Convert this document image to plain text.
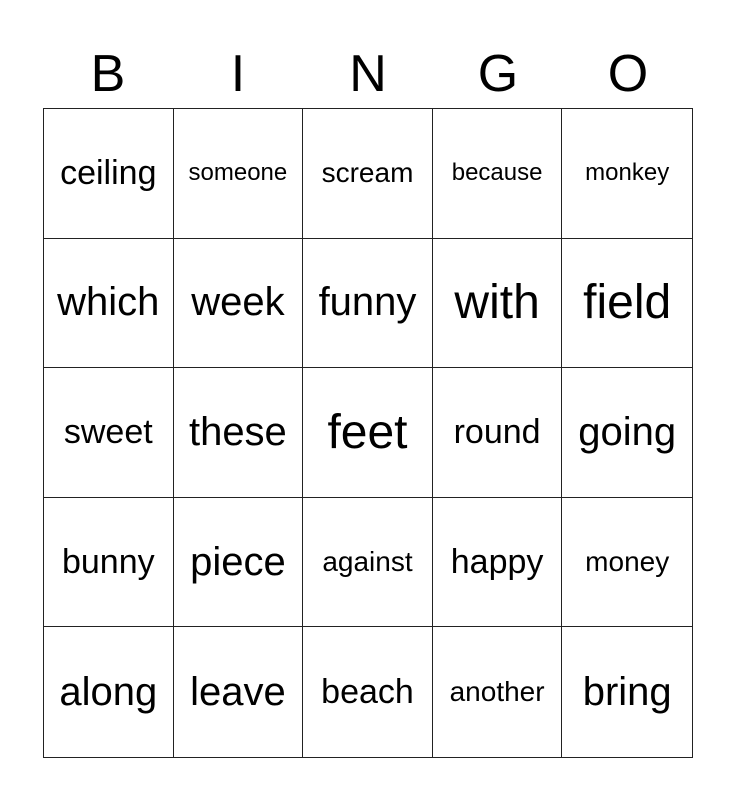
B	I	N	G	O
ceiling	someone	scream	because	monkey
which week funny with field
sweet these feet	round going
bunny piece	against	happy	money
along leave	beach	another bring
